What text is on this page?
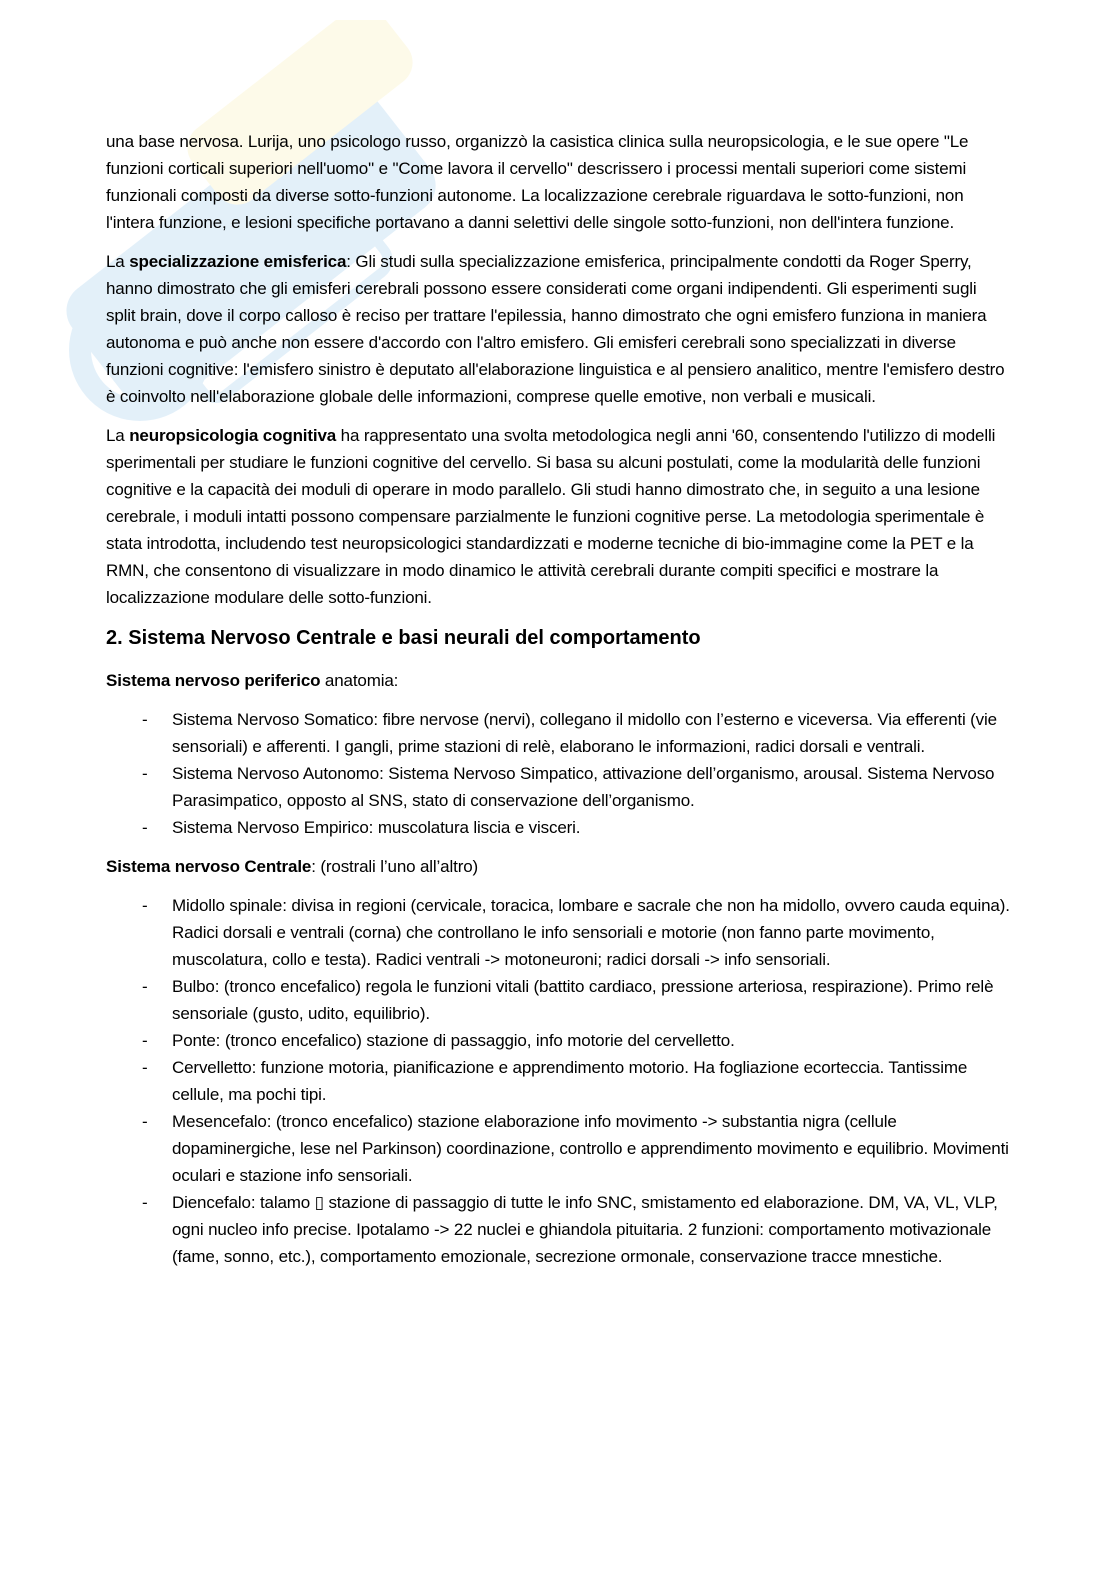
una base nervosa. Lurija, uno psicologo russo, organizzò la casistica clinica sulla neuropsicologia, e le sue opere "Le funzioni corticali superiori nell'uomo" e "Come lavora il cervello" descrissero i processi mentali superiori come sistemi funzionali composti da diverse sotto-funzioni autonome. La localizzazione cerebrale riguardava le sotto-funzioni, non l'intera funzione, e lesioni specifiche portavano a danni selettivi delle singole sotto-funzioni, non dell'intera funzione.

La specializzazione emisferica: Gli studi sulla specializzazione emisferica, principalmente condotti da Roger Sperry, hanno dimostrato che gli emisferi cerebrali possono essere considerati come organi indipendenti. Gli esperimenti sugli split brain, dove il corpo calloso è reciso per trattare l'epilessia, hanno dimostrato che ogni emisfero funziona in maniera autonoma e può anche non essere d'accordo con l'altro emisfero. Gli emisferi cerebrali sono specializzati in diverse funzioni cognitive: l'emisfero sinistro è deputato all'elaborazione linguistica e al pensiero analitico, mentre l'emisfero destro è coinvolto nell'elaborazione globale delle informazioni, comprese quelle emotive, non verbali e musicali.

La neuropsicologia cognitiva ha rappresentato una svolta metodologica negli anni '60, consentendo l'utilizzo di modelli sperimentali per studiare le funzioni cognitive del cervello. Si basa su alcuni postulati, come la modularità delle funzioni cognitive e la capacità dei moduli di operare in modo parallelo. Gli studi hanno dimostrato che, in seguito a una lesione cerebrale, i moduli intatti possono compensare parzialmente le funzioni cognitive perse. La metodologia sperimentale è stata introdotta, includendo test neuropsicologici standardizzati e moderne tecniche di bio-immagine come la PET e la RMN, che consentono di visualizzare in modo dinamico le attività cerebrali durante compiti specifici e mostrare la localizzazione modulare delle sotto-funzioni.

2. Sistema Nervoso Centrale e basi neurali del comportamento

Sistema nervoso periferico anatomia:

- Sistema Nervoso Somatico: fibre nervose (nervi), collegano il midollo con l’esterno e viceversa. Via efferenti (vie sensoriali) e afferenti. I gangli, prime stazioni di relè, elaborano le informazioni, radici dorsali e ventrali.
- Sistema Nervoso Autonomo: Sistema Nervoso Simpatico, attivazione dell’organismo, arousal. Sistema Nervoso Parasimpatico, opposto al SNS, stato di conservazione dell’organismo.
- Sistema Nervoso Empirico: muscolatura liscia e visceri.

Sistema nervoso Centrale: (rostrali l’uno all’altro)

- Midollo spinale: divisa in regioni (cervicale, toracica, lombare e sacrale che non ha midollo, ovvero cauda equina). Radici dorsali e ventrali (corna) che controllano le info sensoriali e motorie (non fanno parte movimento, muscolatura, collo e testa). Radici ventrali -> motoneuroni; radici dorsali -> info sensoriali.
- Bulbo: (tronco encefalico) regola le funzioni vitali (battito cardiaco, pressione arteriosa, respirazione). Primo relè sensoriale (gusto, udito, equilibrio).
- Ponte: (tronco encefalico) stazione di passaggio, info motorie del cervelletto.
- Cervelletto: funzione motoria, pianificazione e apprendimento motorio. Ha fogliazione ecorteccia. Tantissime cellule, ma pochi tipi.
- Mesencefalo: (tronco encefalico) stazione elaborazione info movimento -> substantia nigra (cellule dopaminergiche, lese nel Parkinson) coordinazione, controllo e apprendimento movimento e equilibrio. Movimenti oculari e stazione info sensoriali.
- Diencefalo: talamo ▯ stazione di passaggio di tutte le info SNC, smistamento ed elaborazione. DM, VA, VL, VLP, ogni nucleo info precise. Ipotalamo -> 22 nuclei e ghiandola pituitaria. 2 funzioni: comportamento motivazionale (fame, sonno, etc.), comportamento emozionale, secrezione ormonale, conservazione tracce mnestiche.
